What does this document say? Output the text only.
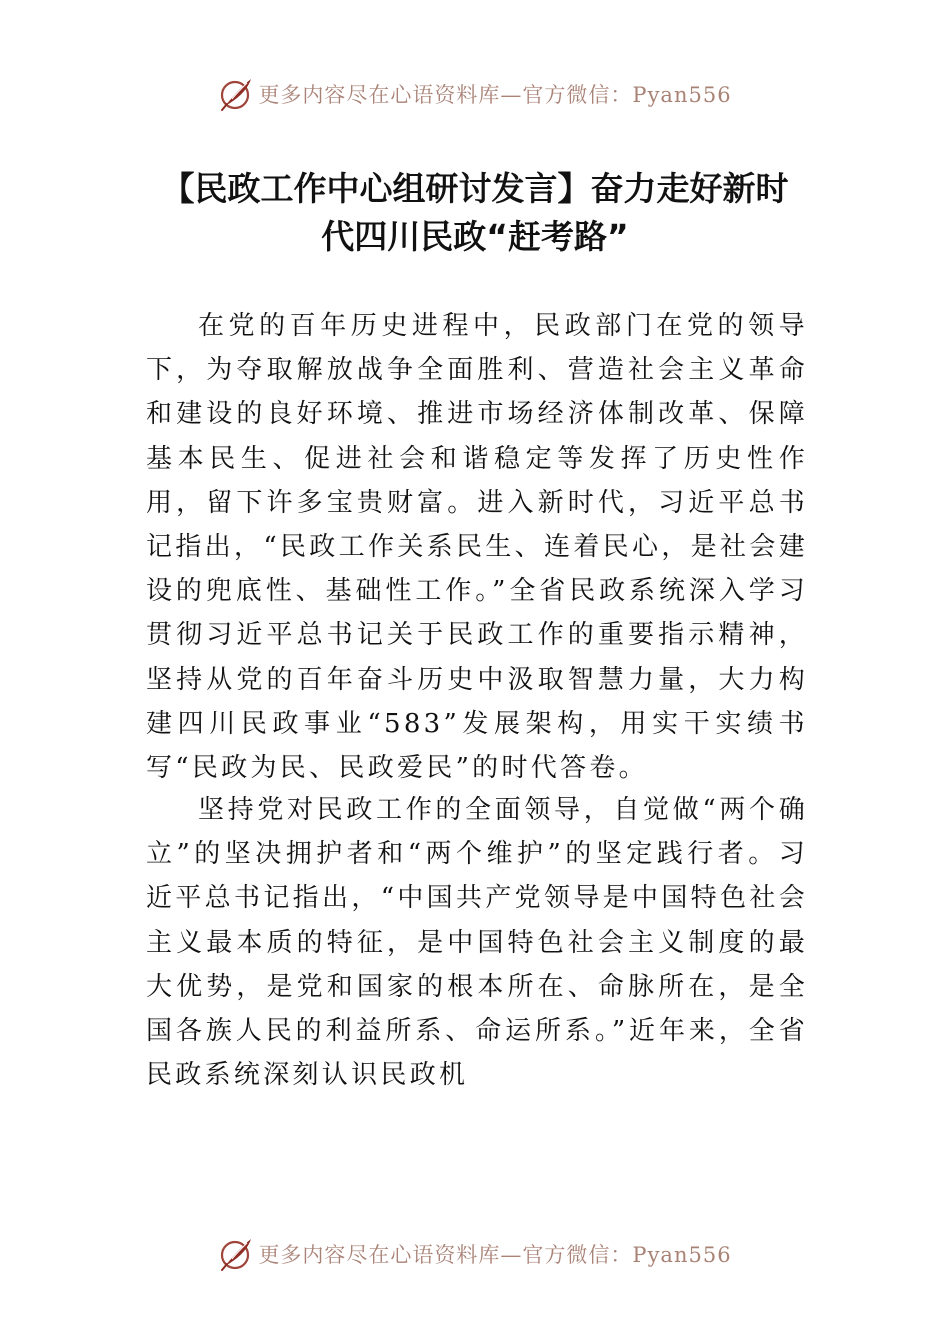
更多内容尽在心语资料库—官方微信：Pyan556
【民政工作中心组研讨发言】奋力走好新时
代四川民政“赶考路”

在党的百年历史进程中，民政部门在党的领导下，为夺取解放战争全面胜利、营造社会主义革命和建设的良好环境、推进市场经济体制改革、保障基本民生、促进社会和谐稳定等发挥了历史性作用，留下许多宝贵财富。进入新时代，习近平总书记指出，“民政工作关系民生、连着民心，是社会建设的兜底性、基础性工作。”全省民政系统深入学习贯彻习近平总书记关于民政工作的重要指示精神，坚持从党的百年奋斗历史中汲取智慧力量，大力构建四川民政事业“583”发展架构，用实干实绩书写“民政为民、民政爱民”的时代答卷。

坚持党对民政工作的全面领导，自觉做“两个确立”的坚决拥护者和“两个维护”的坚定践行者。习近平总书记指出，“中国共产党领导是中国特色社会主义最本质的特征，是中国特色社会主义制度的最大优势，是党和国家的根本所在、命脉所在，是全国各族人民的利益所系、命运所系。”近年来，全省民政系统深刻认识民政机

更多内容尽在心语资料库—官方微信：Pyan556
